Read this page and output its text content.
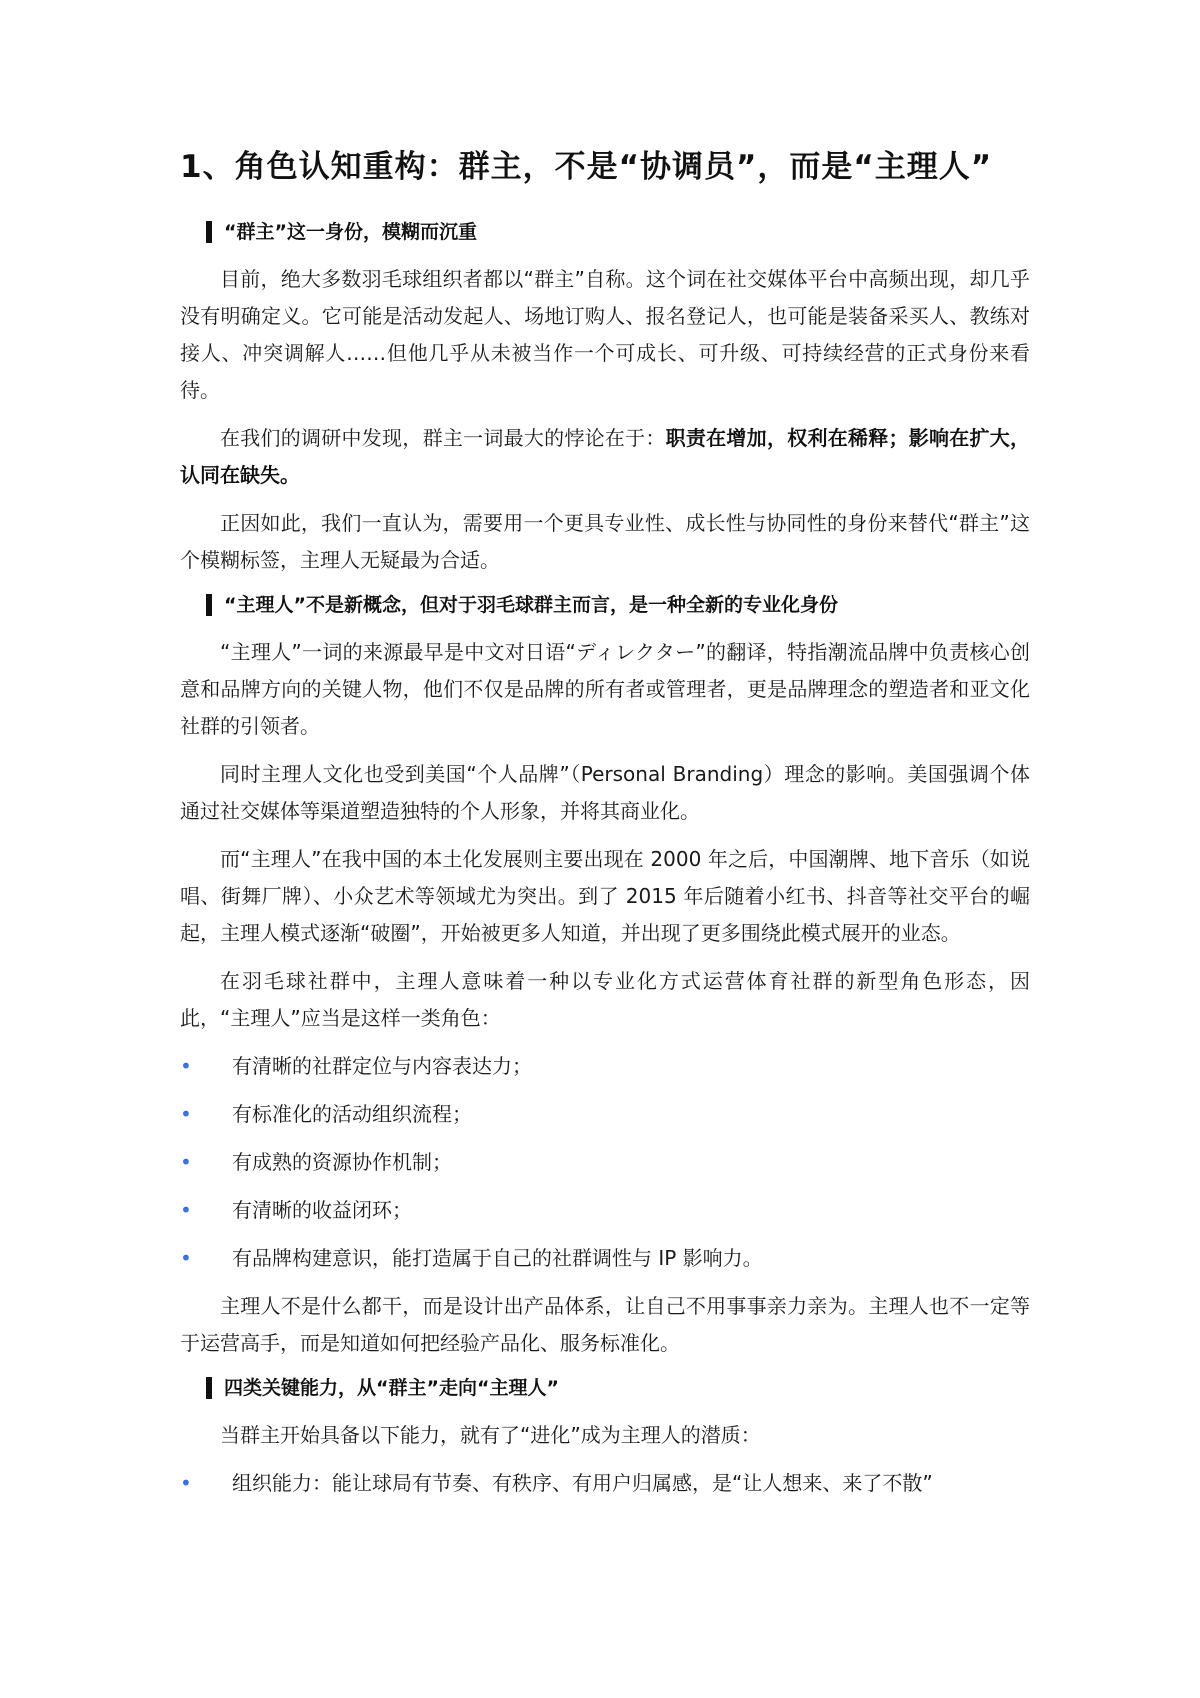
1、角色认知重构：群主，不是“协调员”，而是“主理人”
“群主”这一身份，模糊而沉重

目前，绝大多数羽毛球组织者都以“群主”自称。这个词在社交媒体平台中高频出现，却几乎没有明确定义。它可能是活动发起人、场地订购人、报名登记人，也可能是装备采买人、教练对接人、冲突调解人……但他几乎从未被当作一个可成长、可升级、可持续经营的正式身份来看待。

在我们的调研中发现，群主一词最大的悖论在于：职责在增加，权利在稀释；影响在扩大，认同在缺失。

正因如此，我们一直认为，需要用一个更具专业性、成长性与协同性的身份来替代“群主”这个模糊标签，主理人无疑最为合适。

“主理人”不是新概念，但对于羽毛球群主而言，是一种全新的专业化身份

“主理人”一词的来源最早是中文对日语“ディレクター”的翻译，特指潮流品牌中负责核心创意和品牌方向的关键人物，他们不仅是品牌的所有者或管理者，更是品牌理念的塑造者和亚文化社群的引领者。

同时主理人文化也受到美国“个人品牌”（Personal Branding）理念的影响。美国强调个体通过社交媒体等渠道塑造独特的个人形象，并将其商业化。

而“主理人”在我中国的本土化发展则主要出现在 2000 年之后，中国潮牌、地下音乐（如说唱、街舞厂牌）、小众艺术等领域尤为突出。到了 2015 年后随着小红书、抖音等社交平台的崛起，主理人模式逐渐“破圈”，开始被更多人知道，并出现了更多围绕此模式展开的业态。

在羽毛球社群中，主理人意味着一种以专业化方式运营体育社群的新型角色形态，因此，“主理人”应当是这样一类角色：

•	有清晰的社群定位与内容表达力；
•	有标准化的活动组织流程；
•	有成熟的资源协作机制；
•	有清晰的收益闭环；
•	有品牌构建意识，能打造属于自己的社群调性与 IP 影响力。

主理人不是什么都干，而是设计出产品体系，让自己不用事事亲力亲为。主理人也不一定等于运营高手，而是知道如何把经验产品化、服务标准化。

四类关键能力，从“群主”走向“主理人”

当群主开始具备以下能力，就有了“进化”成为主理人的潜质：

•	组织能力：能让球局有节奏、有秩序、有用户归属感，是“让人想来、来了不散”
